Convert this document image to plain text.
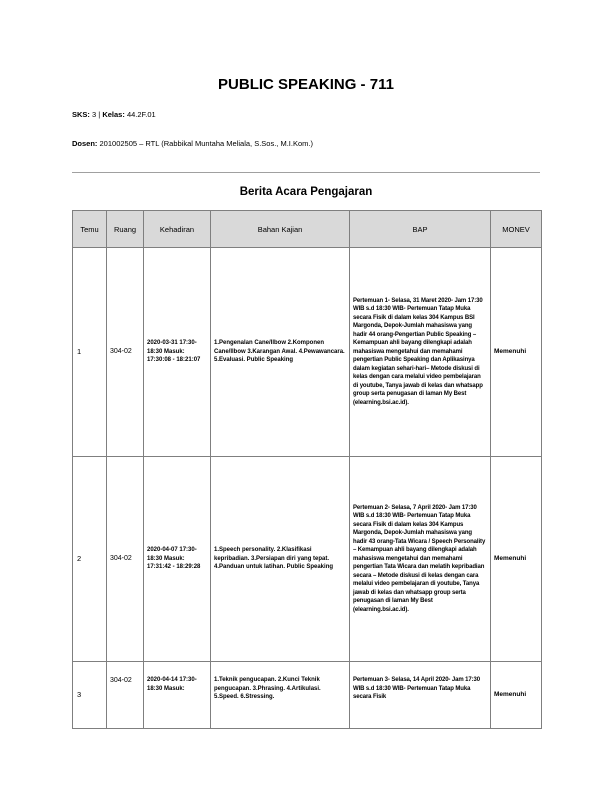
PUBLIC SPEAKING - 711
SKS: 3 | Kelas: 44.2F.01
Dosen: 201002505 – RTL (Rabbikal Muntaha Meliala, S.Sos., M.I.Kom.)
Berita Acara Pengajaran
Temu	Ruang	Kehadiran	Bahan Kajian	BAP	MONEV
1	304-02	2020-03-31 17:30-18:30 Masuk: 17:30:08 - 18:21:07	1.Pengenalan Cane/Ilbow 2.Komponen Cane/Ilbow 3.Karangan Awal. 4.Pewawancara. 5.Evaluasi. Public Speaking	Pertemuan 1- Selasa, 31 Maret 2020- Jam 17:30 WIB s.d 18:30 WIB- Pertemuan Tatap Muka secara Fisik di dalam kelas 304 Kampus BSI Margonda, Depok-Jumlah mahasiswa yang hadir 44 orang-Pengertian Public Speaking – Kemampuan ahli bayang dilengkapi adalah mahasiswa mengetahui dan memahami pengertian Public Speaking dan Aplikasinya dalam kegiatan sehari-hari– Metode diskusi di kelas dengan cara melalui video pembelajaran di youtube, Tanya jawab di kelas dan whatsapp group serta penugasan di laman My Best (elearning.bsi.ac.id).	Memenuhi
2	304-02	2020-04-07 17:30-18:30 Masuk: 17:31:42 - 18:29:28	1.Speech personality. 2.Klasifikasi kepribadian. 3.Persiapan diri yang tepat. 4.Panduan untuk latihan. Public Speaking	Pertemuan 2- Selasa, 7 April 2020- Jam 17:30 WIB s.d 18:30 WIB- Pertemuan Tatap Muka secara Fisik di dalam kelas 304 Kampus Margonda, Depok-Jumlah mahasiswa yang hadir 43 orang-Tata Wicara / Speech Personality – Kemampuan ahli bayang dilengkapi adalah mahasiswa mengetahui dan memahami pengertian Tata Wicara dan melatih kepribadian secara – Metode diskusi di kelas dengan cara melalui video pembelajaran di youtube, Tanya jawab di kelas dan whatsapp group serta penugasan di laman My Best (elearning.bsi.ac.id).	Memenuhi
3	304-02	2020-04-14 17:30-18:30 Masuk:	1.Teknik pengucapan. 2.Kunci Teknik pengucapan. 3.Phrasing. 4.Artikulasi. 5.Speed. 6.Stressing.	Pertemuan 3- Selasa, 14 April 2020- Jam 17:30 WIB s.d 18:30 WIB- Pertemuan Tatap Muka secara Fisik	Memenuhi
